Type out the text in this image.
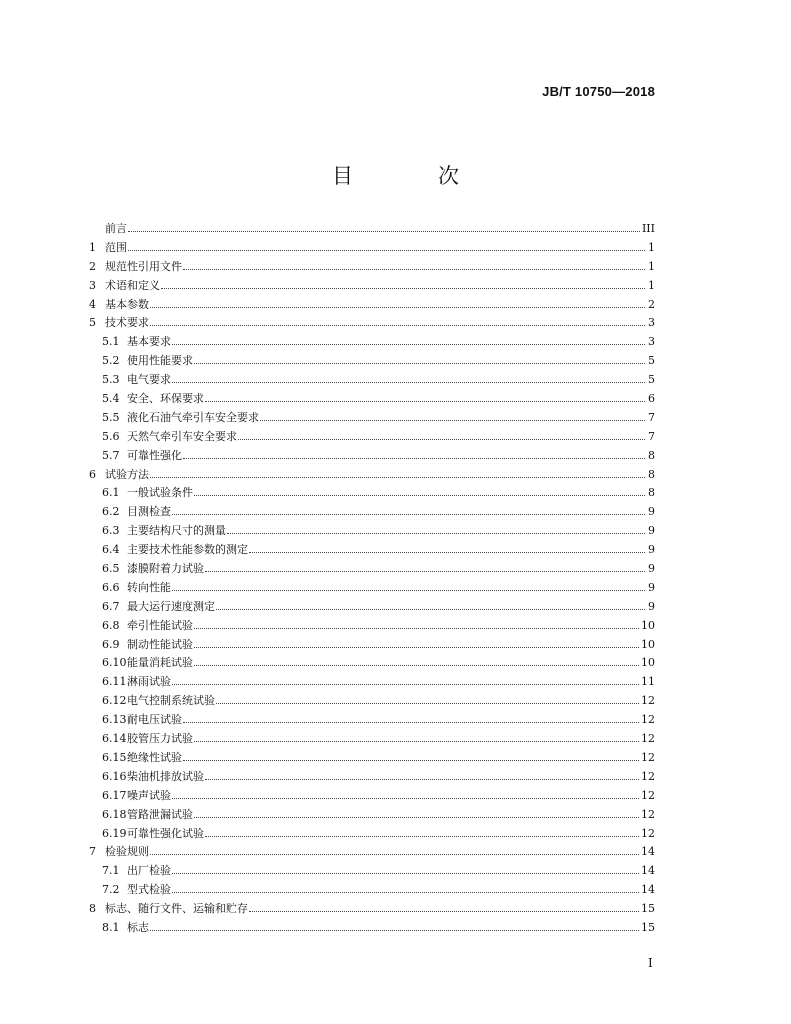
JB/T 10750—2018
目　次
前言	III
1 范围	1
2 规范性引用文件	1
3 术语和定义	1
4 基本参数	2
5 技术要求	3
5.1 基本要求	3
5.2 使用性能要求	5
5.3 电气要求	5
5.4 安全、环保要求	6
5.5 液化石油气牵引车安全要求	7
5.6 天然气牵引车安全要求	7
5.7 可靠性强化	8
6 试验方法	8
6.1 一般试验条件	8
6.2 目测检查	9
6.3 主要结构尺寸的测量	9
6.4 主要技术性能参数的测定	9
6.5 漆膜附着力试验	9
6.6 转向性能	9
6.7 最大运行速度测定	9
6.8 牵引性能试验	10
6.9 制动性能试验	10
6.10 能量消耗试验	10
6.11 淋雨试验	11
6.12 电气控制系统试验	12
6.13 耐电压试验	12
6.14 胶管压力试验	12
6.15 绝缘性试验	12
6.16 柴油机排放试验	12
6.17 噪声试验	12
6.18 管路泄漏试验	12
6.19 可靠性强化试验	12
7 检验规则	14
7.1 出厂检验	14
7.2 型式检验	14
8 标志、随行文件、运输和贮存	15
8.1 标志	15
I
